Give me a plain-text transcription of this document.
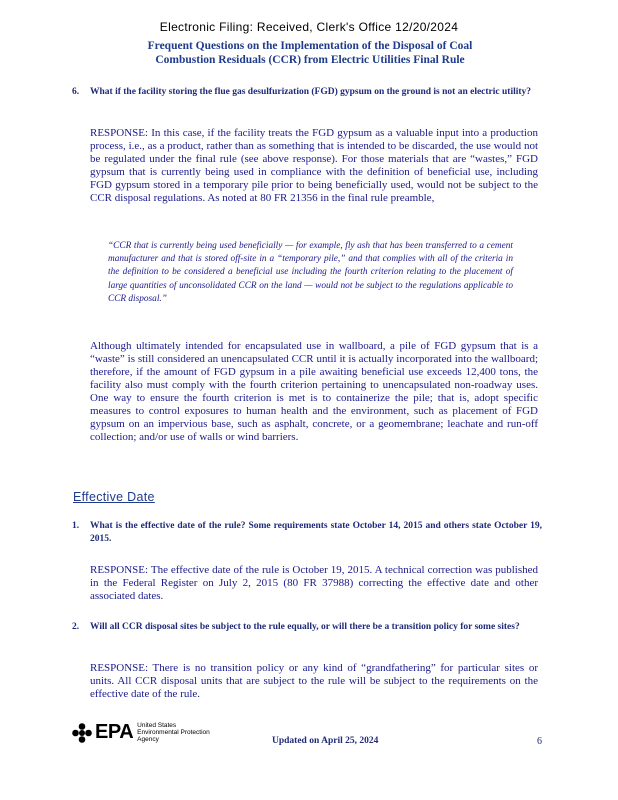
Electronic Filing: Received, Clerk's Office 12/20/2024
Frequent Questions on the Implementation of the Disposal of Coal
Combustion Residuals (CCR) from Electric Utilities Final Rule
6. What if the facility storing the flue gas desulfurization (FGD) gypsum on the ground is not an electric utility?
RESPONSE: In this case, if the facility treats the FGD gypsum as a valuable input into a production process, i.e., as a product, rather than as something that is intended to be discarded, the use would not be regulated under the final rule (see above response). For those materials that are “wastes,” FGD gypsum that is currently being used in compliance with the definition of beneficial use, including FGD gypsum stored in a temporary pile prior to being beneficially used, would not be subject to the CCR disposal regulations. As noted at 80 FR 21356 in the final rule preamble,
“CCR that is currently being used beneficially — for example, fly ash that has been transferred to a cement manufacturer and that is stored off-site in a “temporary pile,” and that complies with all of the criteria in the definition to be considered a beneficial use including the fourth criterion relating to the placement of large quantities of unconsolidated CCR on the land — would not be subject to the regulations applicable to CCR disposal.”
Although ultimately intended for encapsulated use in wallboard, a pile of FGD gypsum that is a “waste” is still considered an unencapsulated CCR until it is actually incorporated into the wallboard; therefore, if the amount of FGD gypsum in a pile awaiting beneficial use exceeds 12,400 tons, the facility also must comply with the fourth criterion pertaining to unencapsulated non-roadway uses. One way to ensure the fourth criterion is met is to containerize the pile; that is, adopt specific measures to control exposures to human health and the environment, such as placement of FGD gypsum on an impervious base, such as asphalt, concrete, or a geomembrane; leachate and run-off collection; and/or use of walls or wind barriers.
Effective Date
1. What is the effective date of the rule? Some requirements state October 14, 2015 and others state October 19, 2015.
RESPONSE: The effective date of the rule is October 19, 2015. A technical correction was published in the Federal Register on July 2, 2015 (80 FR 37988) correcting the effective date and other associated dates.
2. Will all CCR disposal sites be subject to the rule equally, or will there be a transition policy for some sites?
RESPONSE: There is no transition policy or any kind of “grandfathering” for particular sites or units. All CCR disposal units that are subject to the rule will be subject to the requirements on the effective date of the rule.
EPA United States
Environmental Protection
Agency	Updated on April 25, 2024	6
